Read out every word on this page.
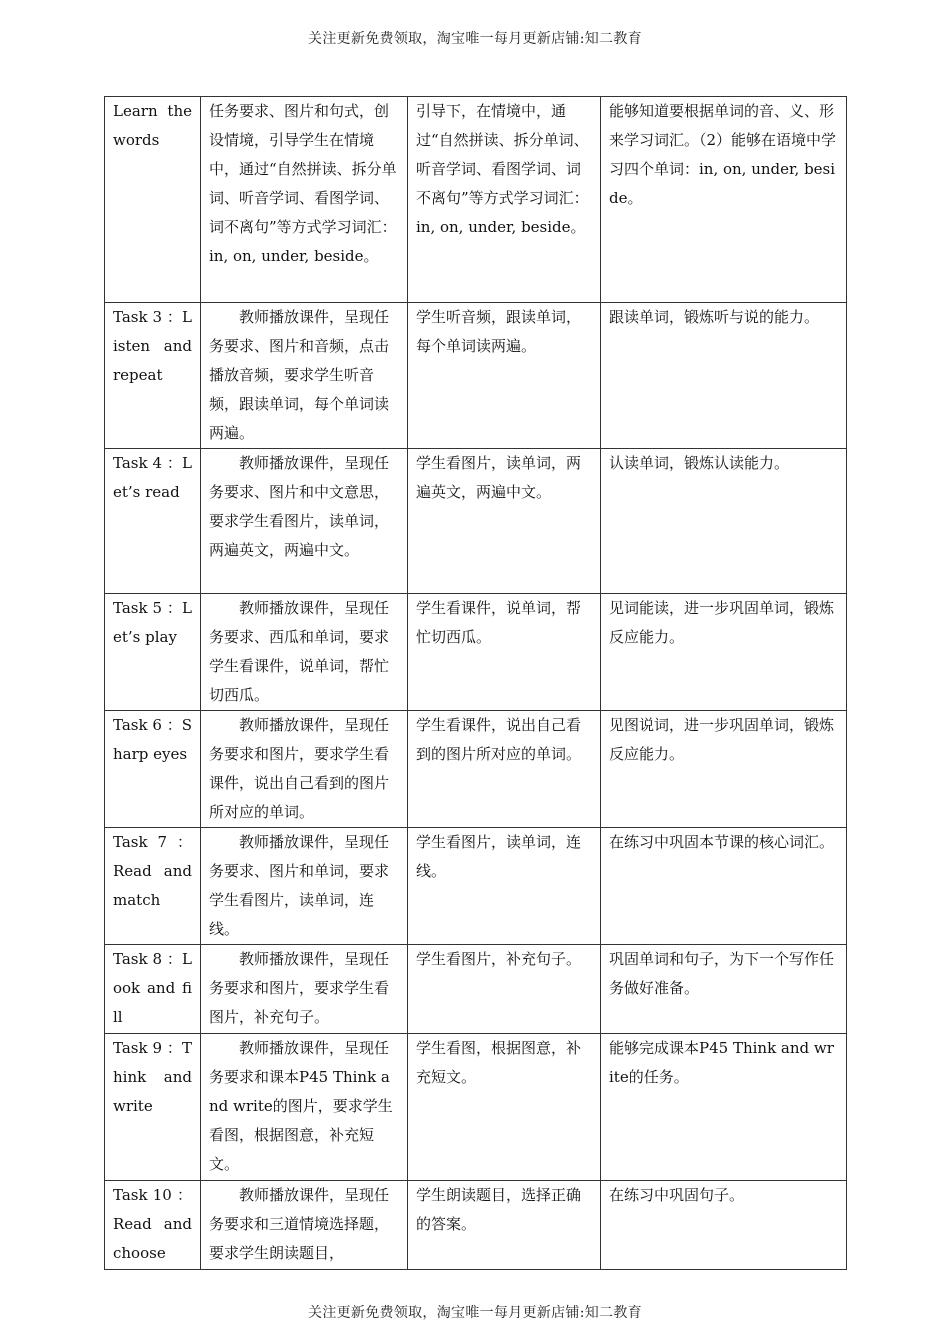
关注更新免费领取，淘宝唯一每月更新店铺:知二教育
Learn the words	任务要求、图片和句式，创设情境，引导学生在情境中，通过“自然拼读、拆分单词、听音学词、看图学词、词不离句”等方式学习词汇：in, on, under, beside。	引导下，在情境中，通过“自然拼读、拆分单词、听音学词、看图学词、词不离句”等方式学习词汇：in, on, under, beside。	能够知道要根据单词的音、义、形来学习词汇。（2）能够在语境中学习四个单词：in, on, under, beside。
Task 3 ：Listen and repeat	教师播放课件，呈现任务要求、图片和音频，点击播放音频，要求学生听音频，跟读单词，每个单词读两遍。	学生听音频，跟读单词，每个单词读两遍。	跟读单词，锻炼听与说的能力。
Task 4 ：Let’s read	教师播放课件，呈现任务要求、图片和中文意思，要求学生看图片，读单词，两遍英文，两遍中文。	学生看图片，读单词，两遍英文，两遍中文。	认读单词，锻炼认读能力。
Task 5 ：Let’s play	教师播放课件，呈现任务要求、西瓜和单词，要求学生看课件，说单词，帮忙切西瓜。	学生看课件，说单词，帮忙切西瓜。	见词能读，进一步巩固单词，锻炼反应能力。
Task 6 ：Sharp eyes	教师播放课件，呈现任务要求和图片，要求学生看课件，说出自己看到的图片所对应的单词。	学生看课件，说出自己看到的图片所对应的单词。	见图说词，进一步巩固单词，锻炼反应能力。
Task 7 ：Read and match	教师播放课件，呈现任务要求、图片和单词，要求学生看图片，读单词，连线。	学生看图片，读单词，连线。	在练习中巩固本节课的核心词汇。
Task 8 ：Look and fill	教师播放课件，呈现任务要求和图片，要求学生看图片，补充句子。	学生看图片，补充句子。	巩固单词和句子，为下一个写作任务做好准备。
Task 9 ：Think and write	教师播放课件，呈现任务要求和课本P45 Think and write的图片，要求学生看图，根据图意，补充短文。	学生看图，根据图意，补充短文。	能够完成课本P45 Think and write的任务。
Task 10 ：Read and choose	教师播放课件，呈现任务要求和三道情境选择题，要求学生朗读题目，	学生朗读题目，选择正确的答案。	在练习中巩固句子。
关注更新免费领取，淘宝唯一每月更新店铺:知二教育
